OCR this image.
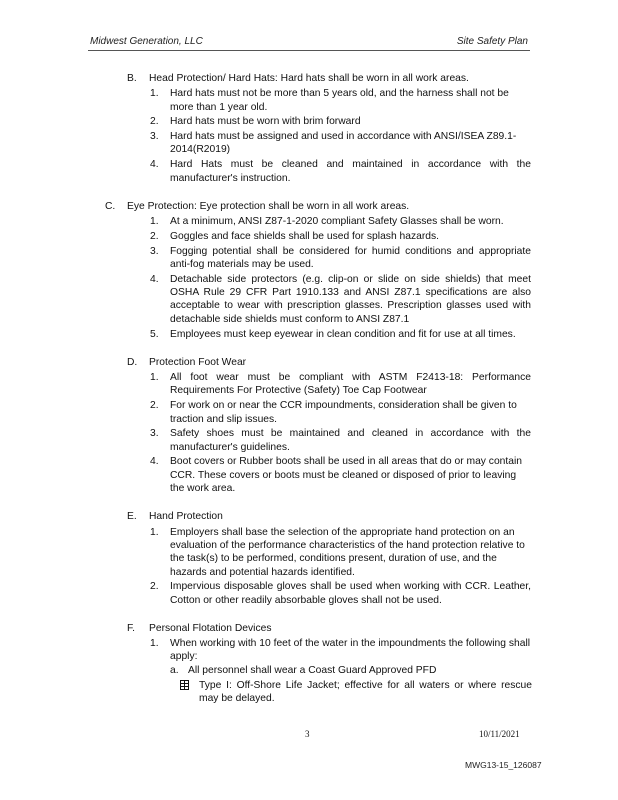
Midwest Generation, LLC	Site Safety Plan
B. Head Protection/ Hard Hats: Hard hats shall be worn in all work areas.
1. Hard hats must not be more than 5 years old, and the harness shall not be more than 1 year old.
2. Hard hats must be worn with brim forward
3. Hard hats must be assigned and used in accordance with ANSI/ISEA Z89.1-2014(R2019)
4. Hard Hats must be cleaned and maintained in accordance with the manufacturer's instruction.
C. Eye Protection: Eye protection shall be worn in all work areas.
1. At a minimum, ANSI Z87-1-2020 compliant Safety Glasses shall be worn.
2. Goggles and face shields shall be used for splash hazards.
3. Fogging potential shall be considered for humid conditions and appropriate anti-fog materials may be used.
4. Detachable side protectors (e.g. clip-on or slide on side shields) that meet OSHA Rule 29 CFR Part 1910.133 and ANSI Z87.1 specifications are also acceptable to wear with prescription glasses. Prescription glasses used with detachable side shields must conform to ANSI Z87.1
5. Employees must keep eyewear in clean condition and fit for use at all times.
D. Protection Foot Wear
1. All foot wear must be compliant with ASTM F2413-18: Performance Requirements For Protective (Safety) Toe Cap Footwear
2. For work on or near the CCR impoundments, consideration shall be given to traction and slip issues.
3. Safety shoes must be maintained and cleaned in accordance with the manufacturer's guidelines.
4. Boot covers or Rubber boots shall be used in all areas that do or may contain CCR. These covers or boots must be cleaned or disposed of prior to leaving the work area.
E. Hand Protection
1. Employers shall base the selection of the appropriate hand protection on an evaluation of the performance characteristics of the hand protection relative to the task(s) to be performed, conditions present, duration of use, and the hazards and potential hazards identified.
2. Impervious disposable gloves shall be used when working with CCR. Leather, Cotton or other readily absorbable gloves shall not be used.
F. Personal Flotation Devices
1. When working with 10 feet of the water in the impoundments the following shall apply:
a. All personnel shall wear a Coast Guard Approved PFD
Type I: Off-Shore Life Jacket; effective for all waters or where rescue may be delayed.
3	10/11/2021
MWG13-15_126087
